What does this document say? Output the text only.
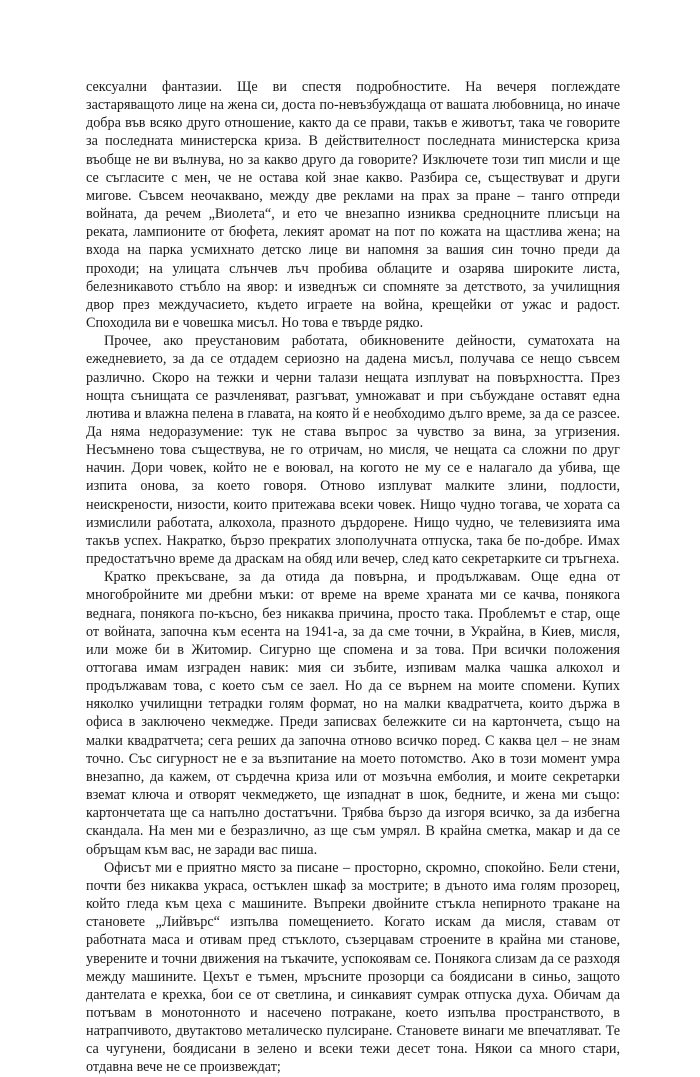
сексуални фантазии. Ще ви спестя подробностите. На вечеря поглеждате застаряващото лице на жена си, доста по-невъзбуждаща от вашата любовница, но иначе добра във всяко друго отношение, както да се прави, такъв е животът, така че говорите за последната министерска криза. В действителност последната министерска криза въобще не ви вълнува, но за какво друго да говорите? Изключете този тип мисли и ще се съгласите с мен, че не остава кой знае какво. Разбира се, съществуват и други мигове. Съвсем неочаквано, между две реклами на прах за пране – танго отпреди войната, да речем „Виолета“, и ето че внезапно изниква средноцните плисъци на реката, лампионите от бюфета, лекият аромат на пот по кожата на щастлива жена; на входа на парка усмихнато детско лице ви напомня за вашия син точно преди да проходи; на улицата слънчев лъч пробива облаците и озарява широките листа, белезникавото стъбло на явор: и изведнъж си спомняте за детството, за училищния двор през междучасието, където играете на война, крещейки от ужас и радост. Споходила ви е човешка мисъл. Но това е твърде рядко.

Прочее, ако преустановим работата, обикновените дейности, суматохата на ежедневието, за да се отдадем сериозно на дадена мисъл, получава се нещо съвсем различно. Скоро на тежки и черни талази нещата изплуват на повърхността. През нощта сънищата се разчленяват, разгъват, умножават и при събуждане оставят една лютива и влажна пелена в главата, на която й е необходимо дълго време, за да се разсее. Да няма недоразумение: тук не става въпрос за чувство за вина, за угризения. Несъмнено това съществува, не го отричам, но мисля, че нещата са сложни по друг начин. Дори човек, който не е воювал, на когото не му се е налагало да убива, ще изпита онова, за което говоря. Отново изплуват малките злини, подлости, неискрености, низости, които притежава всеки човек. Нищо чудно тогава, че хората са измислили работата, алкохола, празното дърдорене. Нищо чудно, че телевизията има такъв успех. Накратко, бързо прекратих злополучната отпуска, така бе по-добре. Имах предостатъчно време да драскам на обяд или вечер, след като секретарките си тръгнеха.

Кратко прекъсване, за да отида да повърна, и продължавам. Още една от многобройните ми дребни мъки: от време на време храната ми се качва, понякога веднага, понякога по-късно, без никаква причина, просто така. Проблемът е стар, още от войната, започна към есента на 1941-а, за да сме точни, в Украйна, в Киев, мисля, или може би в Житомир. Сигурно ще спомена и за това. При всички положения оттогава имам изграден навик: мия си зъбите, изпивам малка чашка алкохол и продължавам това, с което съм се заел. Но да се върнем на моите спомени. Купих няколко училищни тетрадки голям формат, но на малки квадратчета, които държа в офиса в заключено чекмедже. Преди записвах бележките си на картончета, също на малки квадратчета; сега реших да започна отново всичко поред. С каква цел – не знам точно. Със сигурност не е за възпитание на моето потомство. Ако в този момент умра внезапно, да кажем, от сърдечна криза или от мозъчна емболия, и моите секретарки вземат ключа и отворят чекмеджето, ще изпаднат в шок, бедните, и жена ми също: картончетата ще са напълно достатъчни. Трябва бързо да изгоря всичко, за да избегна скандала. На мен ми е безразлично, аз ще съм умрял. В крайна сметка, макар и да се обръщам към вас, не заради вас пиша.

Офисът ми е приятно място за писане – просторно, скромно, спокойно. Бели стени, почти без никаква украса, остъклен шкаф за мострите; в дъното има голям прозорец, който гледа към цеха с машините. Въпреки двойните стъкла непирното тракане на становете „Лийвърс“ изпълва помещението. Когато искам да мисля, ставам от работната маса и отивам пред стъклото, съзерцавам строените в крайна ми станове, уверените и точни движения на тъкачите, успокоявам се. Понякога слизам да се разходя между машините. Цехът е тъмен, мръсните прозорци са боядисани в синьо, защото дантелата е крехка, бои се от светлина, и синкавият сумрак отпуска духа. Обичам да потъвам в монотонното и насечено потракане, което изпълва пространството, в натрапчивото, двутактово металическо пулсиране. Становете винаги ме впечатляват. Те са чугунени, боядисани в зелено и всеки тежи десет тона. Някои са много стари, отдавна вече не се произвеждат;
